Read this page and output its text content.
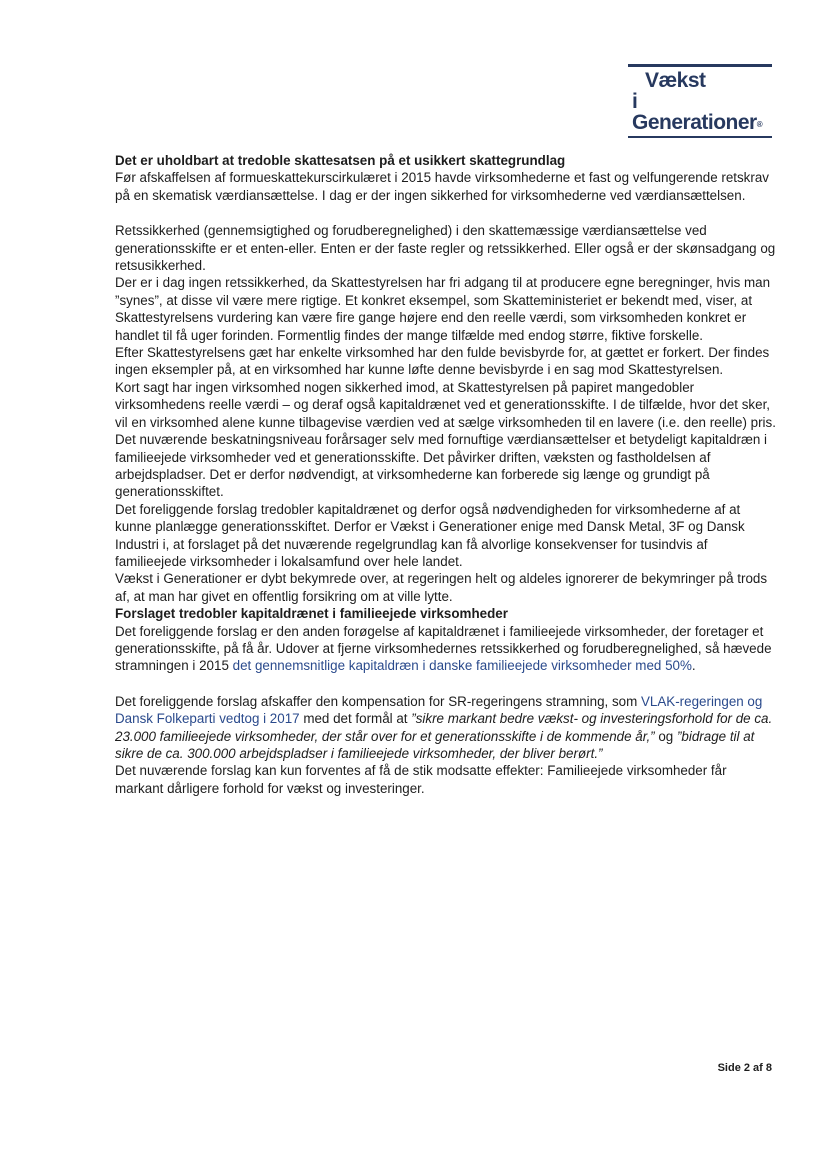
Vækst
i Generationer®

Det er uholdbart at tredoble skattesatsen på et usikkert skattegrundlag

Før afskaffelsen af formueskattekurscirkulæret i 2015 havde virksomhederne et fast og velfungerende retskrav på en skematisk værdiansættelse. I dag er der ingen sikkerhed for virksomhederne ved værdiansættelsen.

Retssikkerhed (gennemsigtighed og forudberegnelighed) i den skattemæssige værdiansættelse ved generationsskifte er et enten-eller. Enten er der faste regler og retssikkerhed. Eller også er der skønsadgang og retsusikkerhed.

Der er i dag ingen retssikkerhed, da Skattestyrelsen har fri adgang til at producere egne beregninger, hvis man ”synes”, at disse vil være mere rigtige. Et konkret eksempel, som Skatteministeriet er bekendt med, viser, at Skattestyrelsens vurdering kan være fire gange højere end den reelle værdi, som virksomheden konkret er handlet til få uger forinden. Formentlig findes der mange tilfælde med endog større, fiktive forskelle.

Efter Skattestyrelsens gæt har enkelte virksomhed har den fulde bevisbyrde for, at gættet er forkert. Der findes ingen eksempler på, at en virksomhed har kunne løfte denne bevisbyrde i en sag mod Skattestyrelsen.

Kort sagt har ingen virksomhed nogen sikkerhed imod, at Skattestyrelsen på papiret mangedobler virksomhedens reelle værdi – og deraf også kapitaldrænet ved et generationsskifte. I de tilfælde, hvor det sker, vil en virksomhed alene kunne tilbagevise værdien ved at sælge virksomheden til en lavere (i.e. den reelle) pris.

Det nuværende beskatningsniveau forårsager selv med fornuftige værdiansættelser et betydeligt kapitaldræn i familieejede virksomheder ved et generationsskifte. Det påvirker driften, væksten og fastholdelsen af arbejdspladser. Det er derfor nødvendigt, at virksomhederne kan forberede sig længe og grundigt på generationsskiftet.

Det foreliggende forslag tredobler kapitaldrænet og derfor også nødvendigheden for virksomhederne af at kunne planlægge generationsskiftet. Derfor er Vækst i Generationer enige med Dansk Metal, 3F og Dansk Industri i, at forslaget på det nuværende regelgrundlag kan få alvorlige konsekvenser for tusindvis af familieejede virksomheder i lokalsamfund over hele landet.

Vækst i Generationer er dybt bekymrede over, at regeringen helt og aldeles ignorerer de bekymringer på trods af, at man har givet en offentlig forsikring om at ville lytte.

Forslaget tredobler kapitaldrænet i familieejede virksomheder

Det foreliggende forslag er den anden forøgelse af kapitaldrænet i familieejede virksomheder, der foretager et generationsskifte, på få år. Udover at fjerne virksomhedernes retssikkerhed og forudberegnelighed, så hævede stramningen i 2015 det gennemsnitlige kapitaldræn i danske familieejede virksomheder med 50%.

Det foreliggende forslag afskaffer den kompensation for SR-regeringens stramning, som VLAK-regeringen og Dansk Folkeparti vedtog i 2017 med det formål at ”sikre markant bedre vækst- og investeringsforhold for de ca. 23.000 familieejede virksomheder, der står over for et generationsskifte i de kommende år,” og ”bidrage til at sikre de ca. 300.000 arbejdspladser i familieejede virksomheder, der bliver berørt.”

Det nuværende forslag kan kun forventes af få de stik modsatte effekter: Familieejede virksomheder får markant dårligere forhold for vækst og investeringer.

Side 2 af 8
